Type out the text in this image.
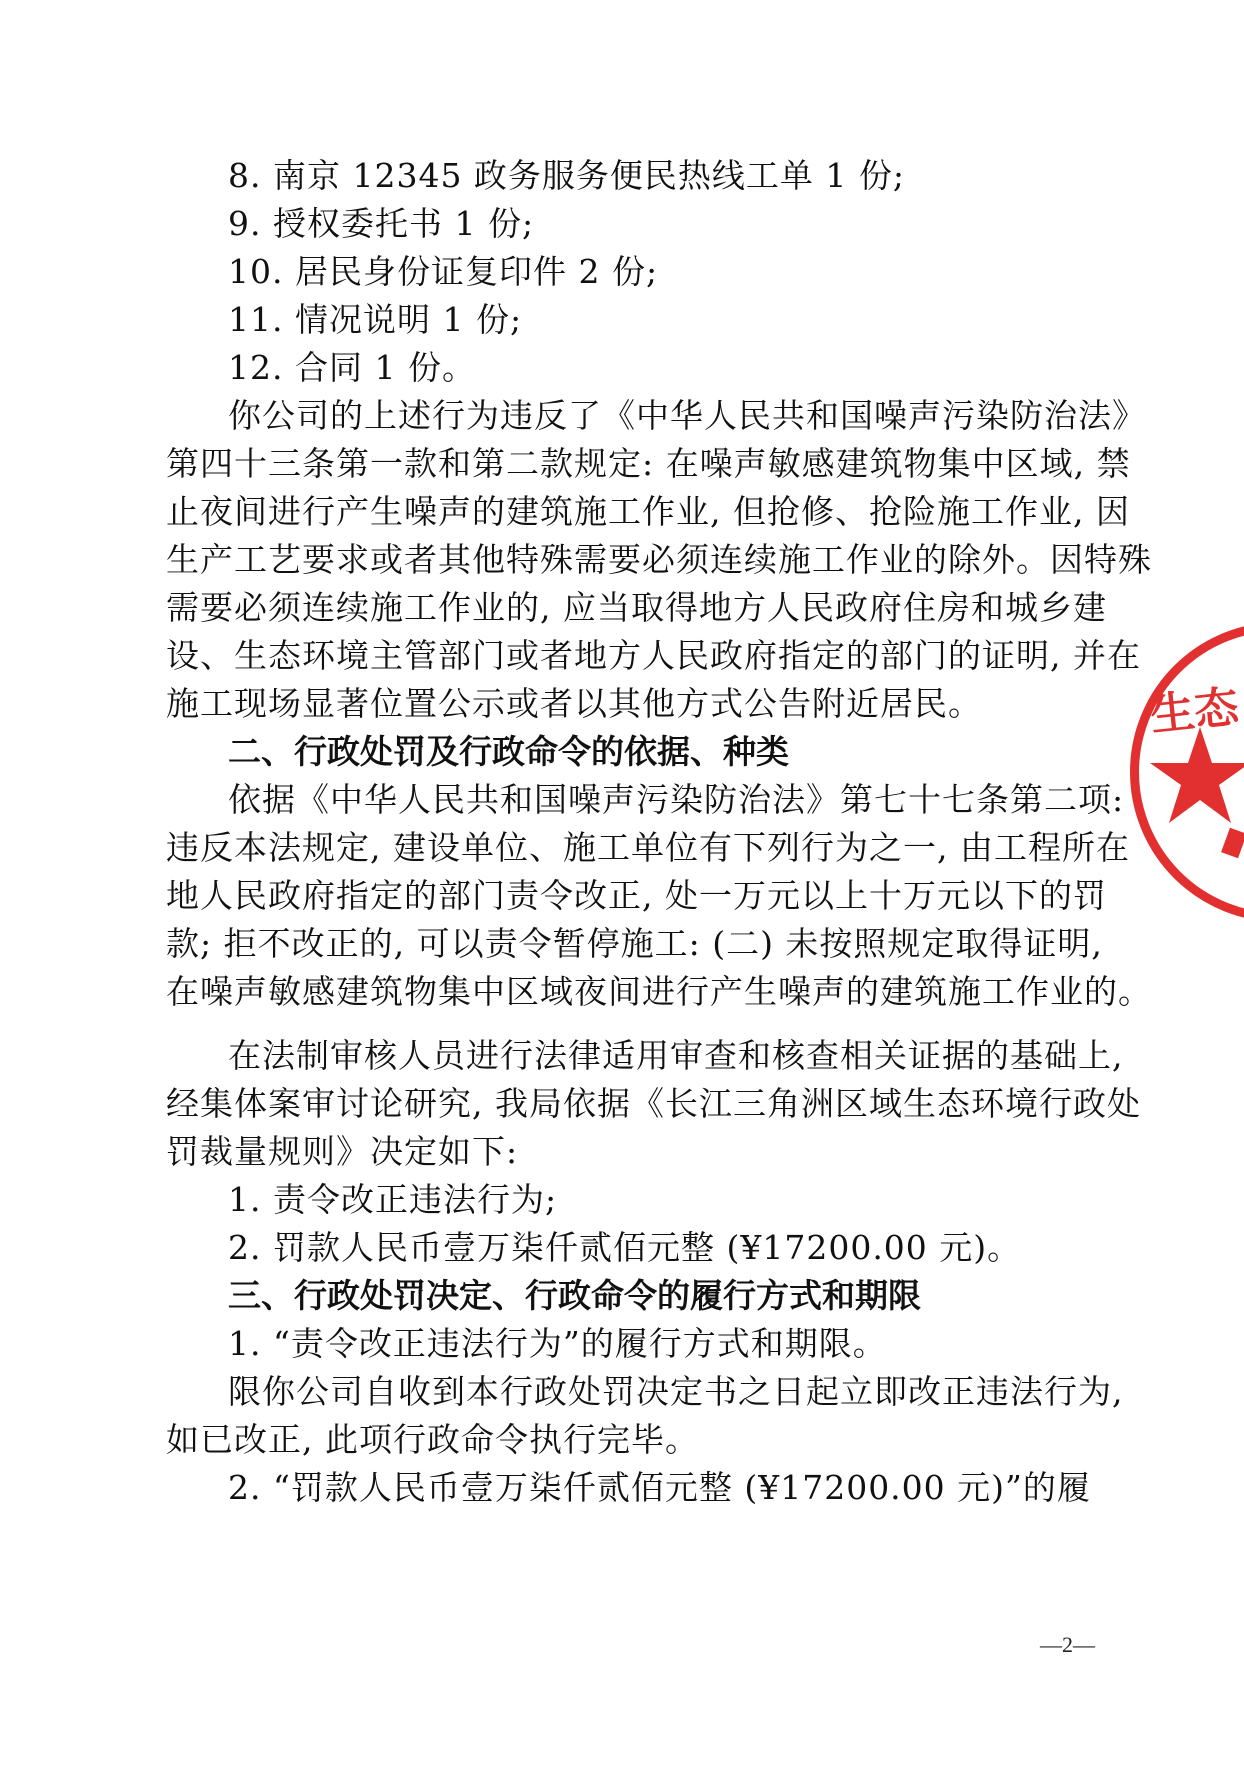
8. 南京 12345 政务服务便民热线工单 1 份;
9. 授权委托书 1 份;
10. 居民身份证复印件 2 份;
11. 情况说明 1 份;
12. 合同 1 份。
你公司的上述行为违反了《中华人民共和国噪声污染防治法》
第四十三条第一款和第二款规定: 在噪声敏感建筑物集中区域, 禁
止夜间进行产生噪声的建筑施工作业, 但抢修、抢险施工作业, 因
生产工艺要求或者其他特殊需要必须连续施工作业的除外。因特殊
需要必须连续施工作业的, 应当取得地方人民政府住房和城乡建
设、生态环境主管部门或者地方人民政府指定的部门的证明, 并在
施工现场显著位置公示或者以其他方式公告附近居民。
二、行政处罚及行政命令的依据、种类
依据《中华人民共和国噪声污染防治法》第七十七条第二项:
违反本法规定, 建设单位、施工单位有下列行为之一, 由工程所在
地人民政府指定的部门责令改正, 处一万元以上十万元以下的罚
款; 拒不改正的, 可以责令暂停施工: (二) 未按照规定取得证明,
在噪声敏感建筑物集中区域夜间进行产生噪声的建筑施工作业的。
在法制审核人员进行法律适用审查和核查相关证据的基础上,
经集体案审讨论研究, 我局依据《长江三角洲区域生态环境行政处
罚裁量规则》决定如下:
1. 责令改正违法行为;
2. 罚款人民币壹万柒仟贰佰元整 (¥17200.00 元)。
三、行政处罚决定、行政命令的履行方式和期限
1. “责令改正违法行为”的履行方式和期限。
限你公司自收到本行政处罚决定书之日起立即改正违法行为,
如已改正, 此项行政命令执行完毕。
2. “罚款人民币壹万柒仟贰佰元整 (¥17200.00 元)”的履
—2—
生态
